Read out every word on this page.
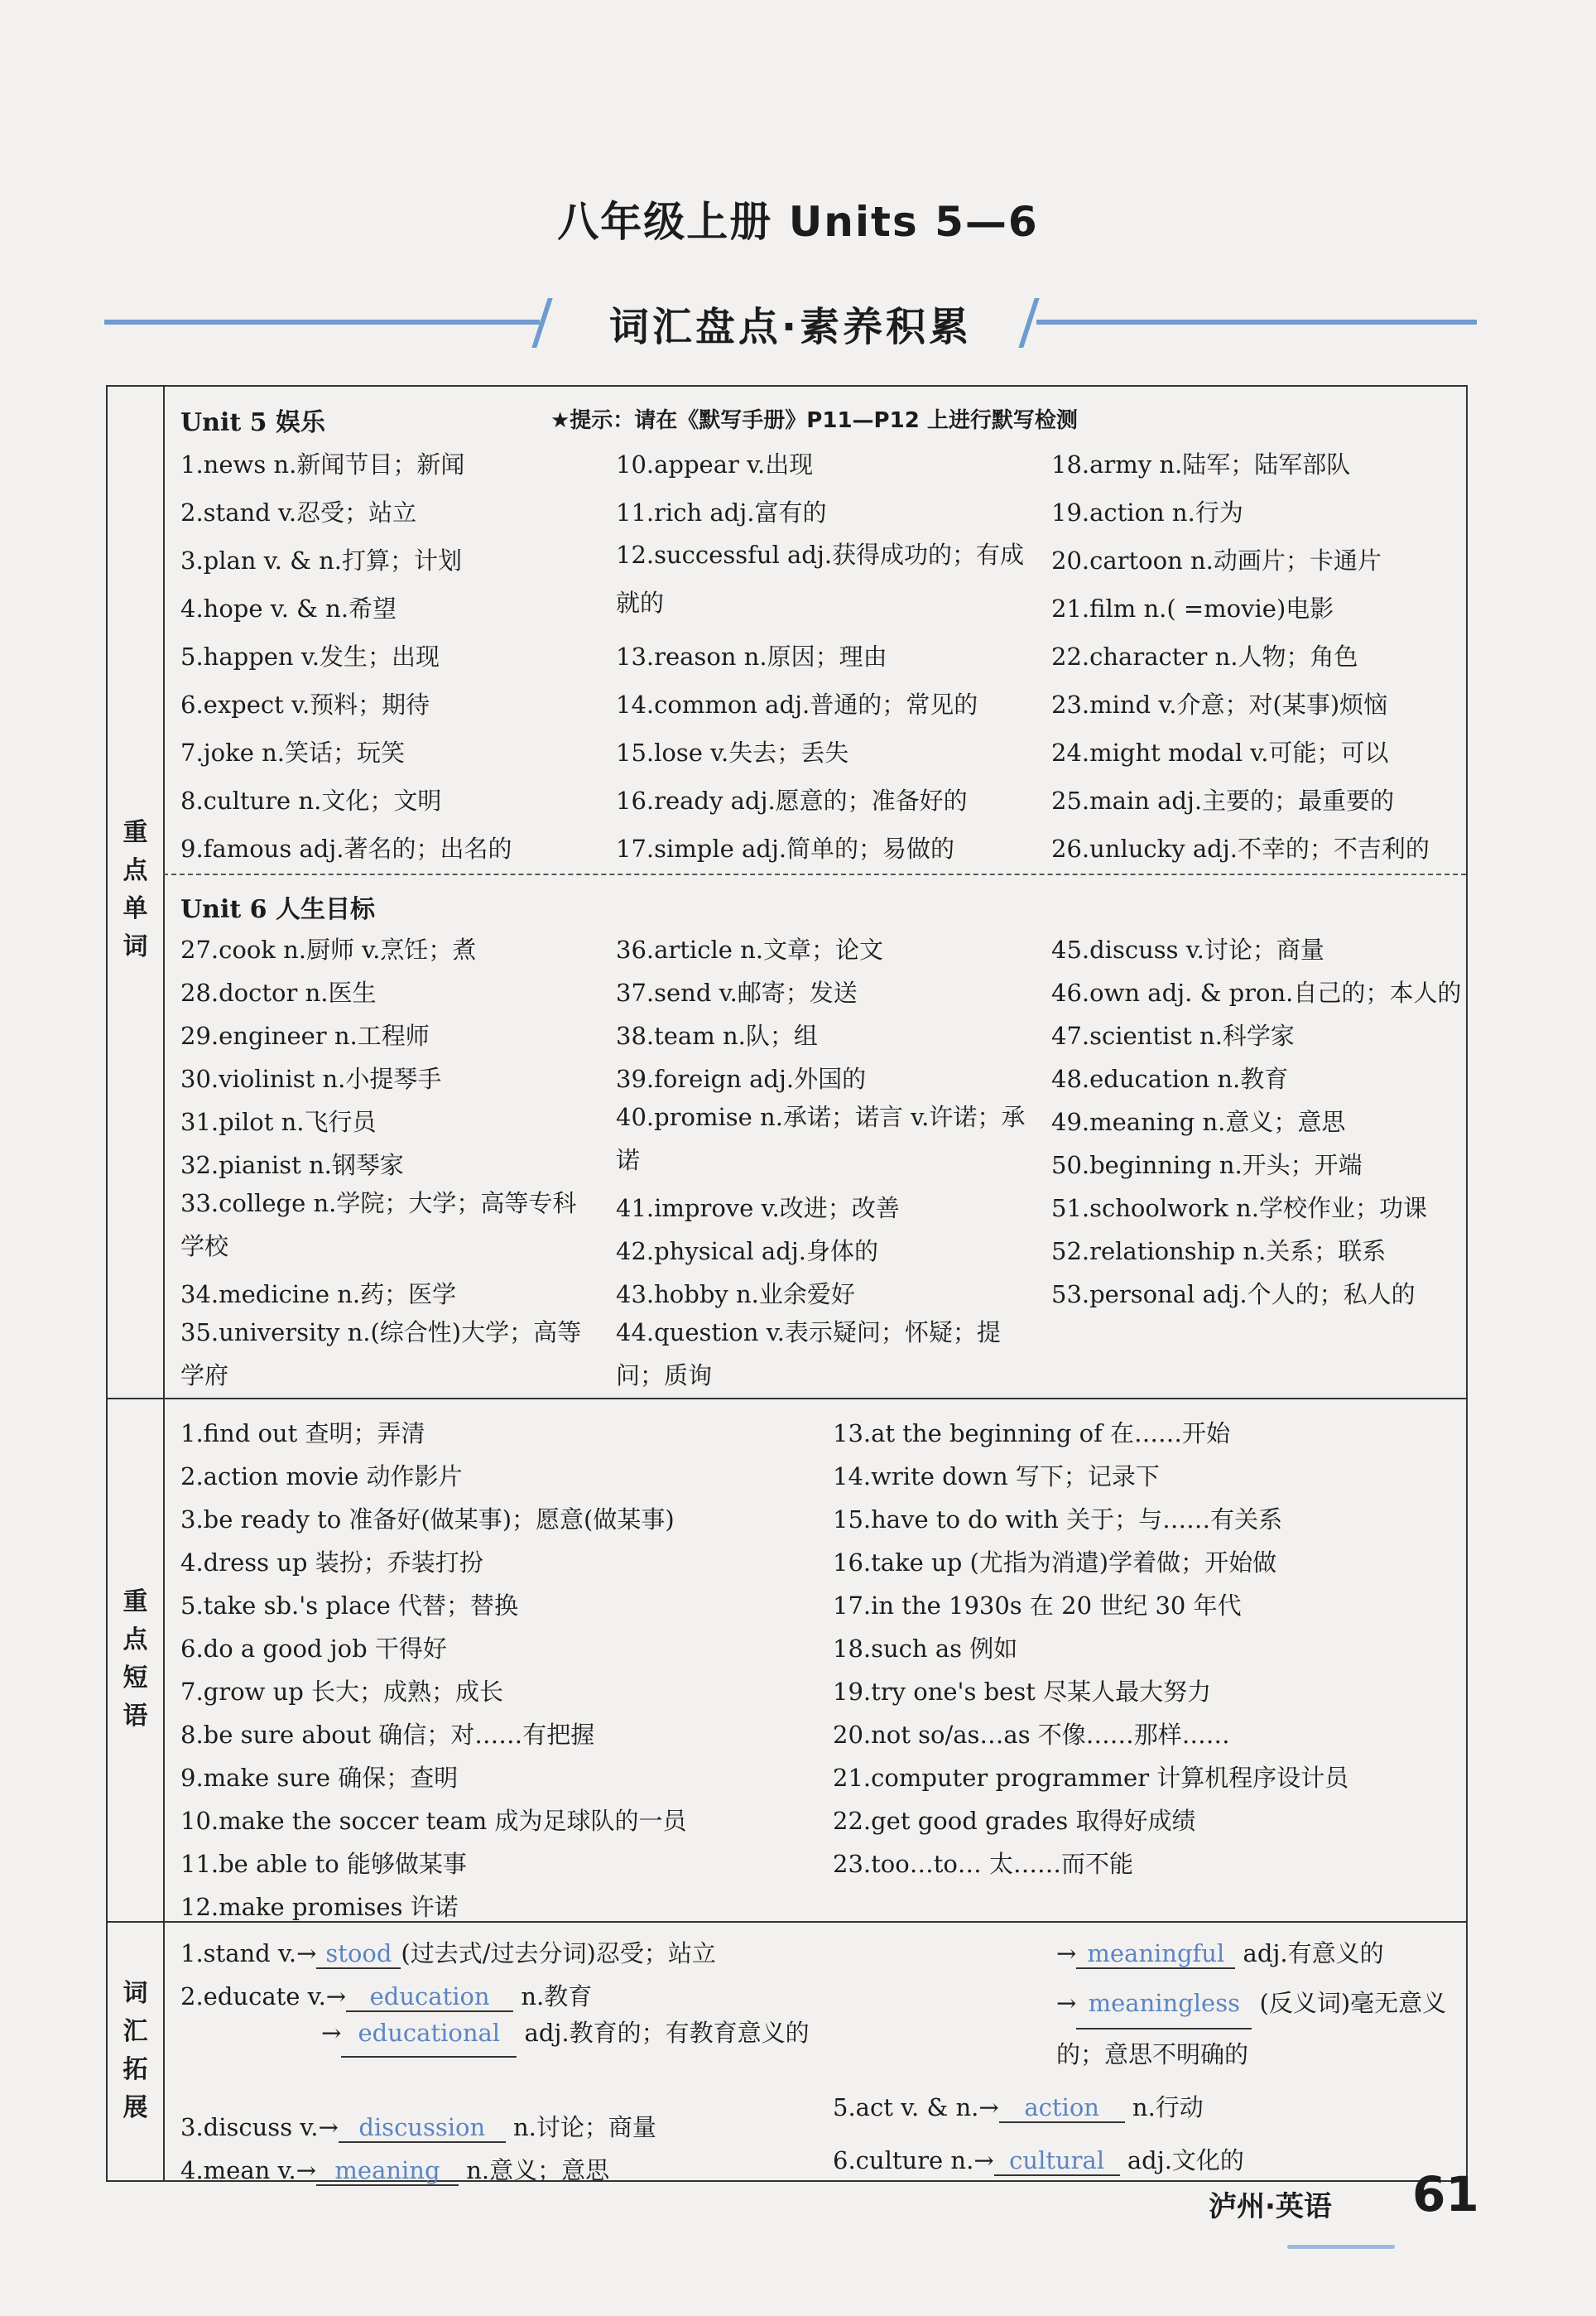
八年级上册 Units 5—6
词汇盘点·素养积累
重
点
单
词
重
点
短
语
词
汇
拓
展
Unit 5 娱乐	★提示：请在《默写手册》P11—P12 上进行默写检测
1.news n.新闻节目；新闻
2.stand v.忍受；站立
3.plan v. & n.打算；计划
4.hope v. & n.希望
5.happen v.发生；出现
6.expect v.预料；期待
7.joke n.笑话；玩笑
8.culture n.文化；文明
9.famous adj.著名的；出名的
10.appear v.出现
11.rich adj.富有的
12.successful adj.获得成功的；有成就的
13.reason n.原因；理由
14.common adj.普通的；常见的
15.lose v.失去；丢失
16.ready adj.愿意的；准备好的
17.simple adj.简单的；易做的
18.army n.陆军；陆军部队
19.action n.行为
20.cartoon n.动画片；卡通片
21.film n.( =movie)电影
22.character n.人物；角色
23.mind v.介意；对(某事)烦恼
24.might modal v.可能；可以
25.main adj.主要的；最重要的
26.unlucky adj.不幸的；不吉利的
Unit 6 人生目标
27.cook n.厨师 v.烹饪；煮
28.doctor n.医生
29.engineer n.工程师
30.violinist n.小提琴手
31.pilot n.飞行员
32.pianist n.钢琴家
33.college n.学院；大学；高等专科学校
34.medicine n.药；医学
35.university n.(综合性)大学；高等学府
36.article n.文章；论文
37.send v.邮寄；发送
38.team n.队；组
39.foreign adj.外国的
40.promise n.承诺；诺言 v.许诺；承诺
41.improve v.改进；改善
42.physical adj.身体的
43.hobby n.业余爱好
44.question v.表示疑问；怀疑；提问；质询
45.discuss v.讨论；商量
46.own adj. & pron.自己的；本人的
47.scientist n.科学家
48.education n.教育
49.meaning n.意义；意思
50.beginning n.开头；开端
51.schoolwork n.学校作业；功课
52.relationship n.关系；联系
53.personal adj.个人的；私人的
1.find out 查明；弄清
2.action movie 动作影片
3.be ready to 准备好(做某事)；愿意(做某事)
4.dress up 装扮；乔装打扮
5.take sb.'s place 代替；替换
6.do a good job 干得好
7.grow up 长大；成熟；成长
8.be sure about 确信；对……有把握
9.make sure 确保；查明
10.make the soccer team 成为足球队的一员
11.be able to 能够做某事
12.make promises 许诺
13.at the beginning of 在……开始
14.write down 写下；记录下
15.have to do with 关于；与……有关系
16.take up (尤指为消遣)学着做；开始做
17.in the 1930s 在 20 世纪 30 年代
18.such as 例如
19.try one's best 尽某人最大努力
20.not so/as…as 不像……那样……
21.computer programmer 计算机程序设计员
22.get good grades 取得好成绩
23.too…to… 太……而不能
1.stand v.→ stood (过去式/过去分词)忍受；站立
2.educate v.→ education n.教育
→ educational adj.教育的；有教育意义的
3.discuss v.→ discussion n.讨论；商量
4.mean v.→ meaning n.意义；意思
→ meaningful adj.有意义的
→ meaningless (反义词)毫无意义的；意思不明确的
5.act v. & n.→ action n.行动
6.culture n.→ cultural adj.文化的
泸州·英语 61
